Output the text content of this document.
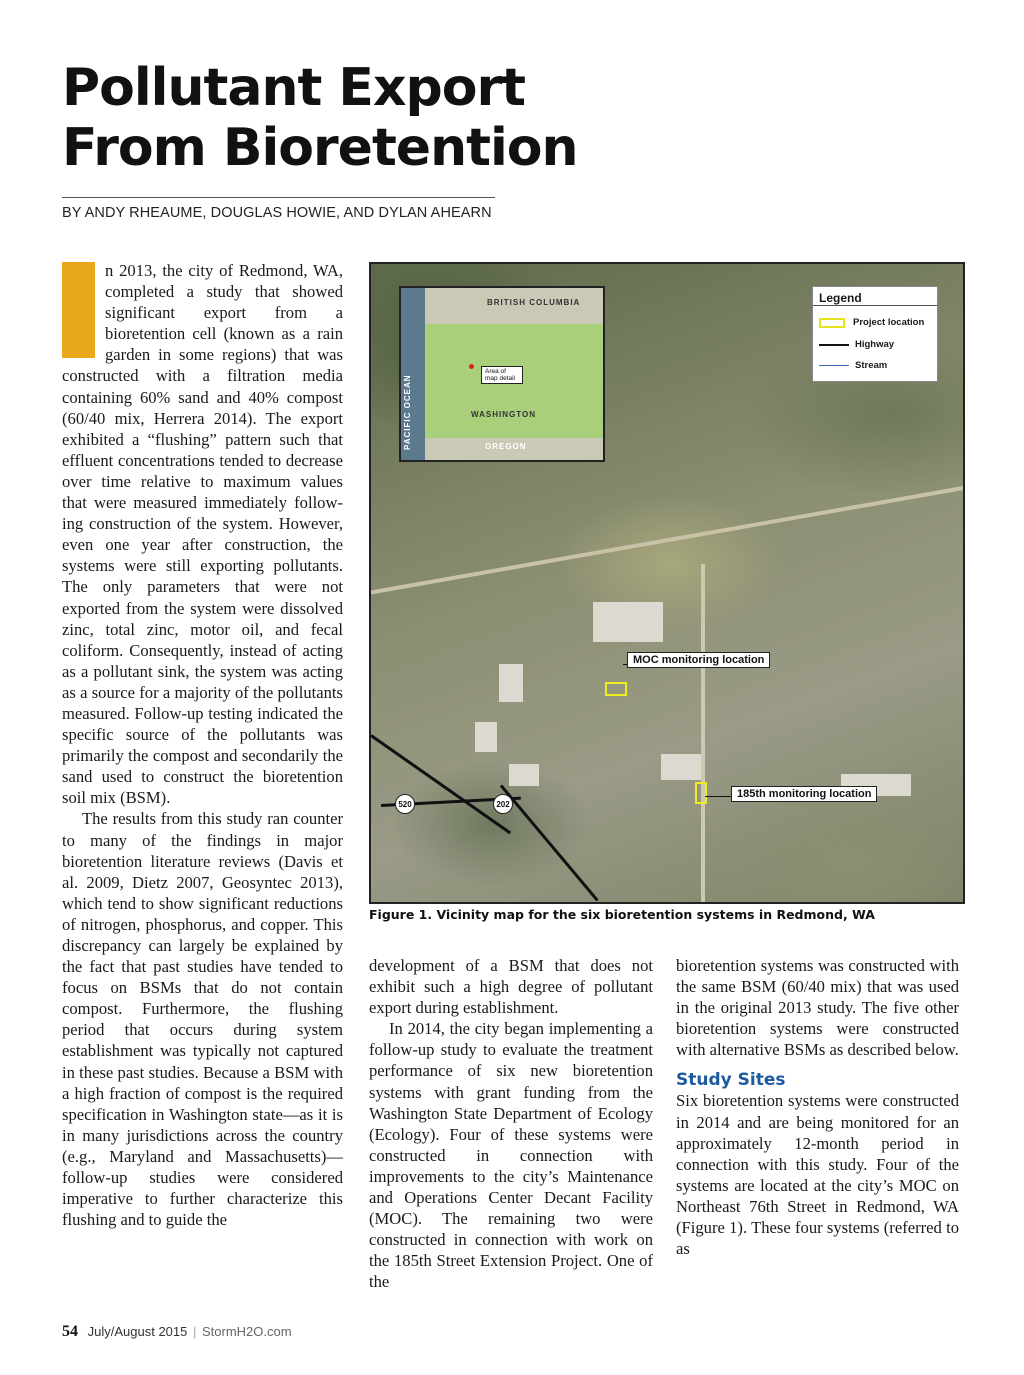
Pollutant Export
From Bioretention
BY ANDY RHEAUME, DOUGLAS HOWIE, AND DYLAN AHEARN

n 2013, the city of Redmond, WA, completed a study that showed significant export from a bioretention cell (known as a rain garden in some regions) that was constructed with a filtration media containing 60% sand and 40% compost (60/40 mix, Herrera 2014). The export exhibited a “flushing” pattern such that effluent concentrations tended to decrease over time relative to maximum values that were measured immediately following construction of the system. However, even one year after construction, the systems were still exporting pollutants. The only parameters that were not exported from the system were dissolved zinc, total zinc, motor oil, and fecal coliform. Consequently, instead of acting as a pollutant sink, the system was acting as a source for a majority of the pollutants measured. Follow-up testing indicated the specific source of the pollutants was primarily the compost and secondarily the sand used to construct the bioretention soil mix (BSM).

The results from this study ran counter to many of the findings in major bioretention literature reviews (Davis et al. 2009, Dietz 2007, Geosyntec 2013), which tend to show significant reductions of nitrogen, phosphorus, and copper. This discrepancy can largely be explained by the fact that past studies have tended to focus on BSMs that do not contain compost. Furthermore, the flushing period that occurs during system establishment was typically not captured in these past studies. Because a BSM with a high fraction of compost is the required specification in Washington state—as it is in many jurisdictions across the country (e.g., Maryland and Massachusetts)—follow-up studies were considered imperative to further characterize this flushing and to guide the

520	202
BRITISH COLUMBIA
WASHINGTON
OREGON
PACIFIC OCEAN
Area of map detail
Legend
Project location
Highway
Stream
MOC monitoring location
185th monitoring location
Figure 1. Vicinity map for the six bioretention systems in Redmond, WA

development of a BSM that does not exhibit such a high degree of pollutant export during establishment.

In 2014, the city began implementing a follow-up study to evaluate the treatment performance of six new bioretention systems with grant funding from the Washington State Department of Ecology (Ecology). Four of these systems were constructed in connection with improvements to the city’s Maintenance and Operations Center Decant Facility (MOC). The remaining two were constructed in connection with work on the 185th Street Extension Project. One of the

bioretention systems was constructed with the same BSM (60/40 mix) that was used in the original 2013 study. The five other bioretention systems were constructed with alternative BSMs as described below.

Study Sites

Six bioretention systems were constructed in 2014 and are being monitored for an approximately 12-month period in connection with this study. Four of the systems are located at the city’s MOC on Northeast 76th Street in Redmond, WA (Figure 1). These four systems (referred to as

54 July/August 2015 | StormH2O.com
